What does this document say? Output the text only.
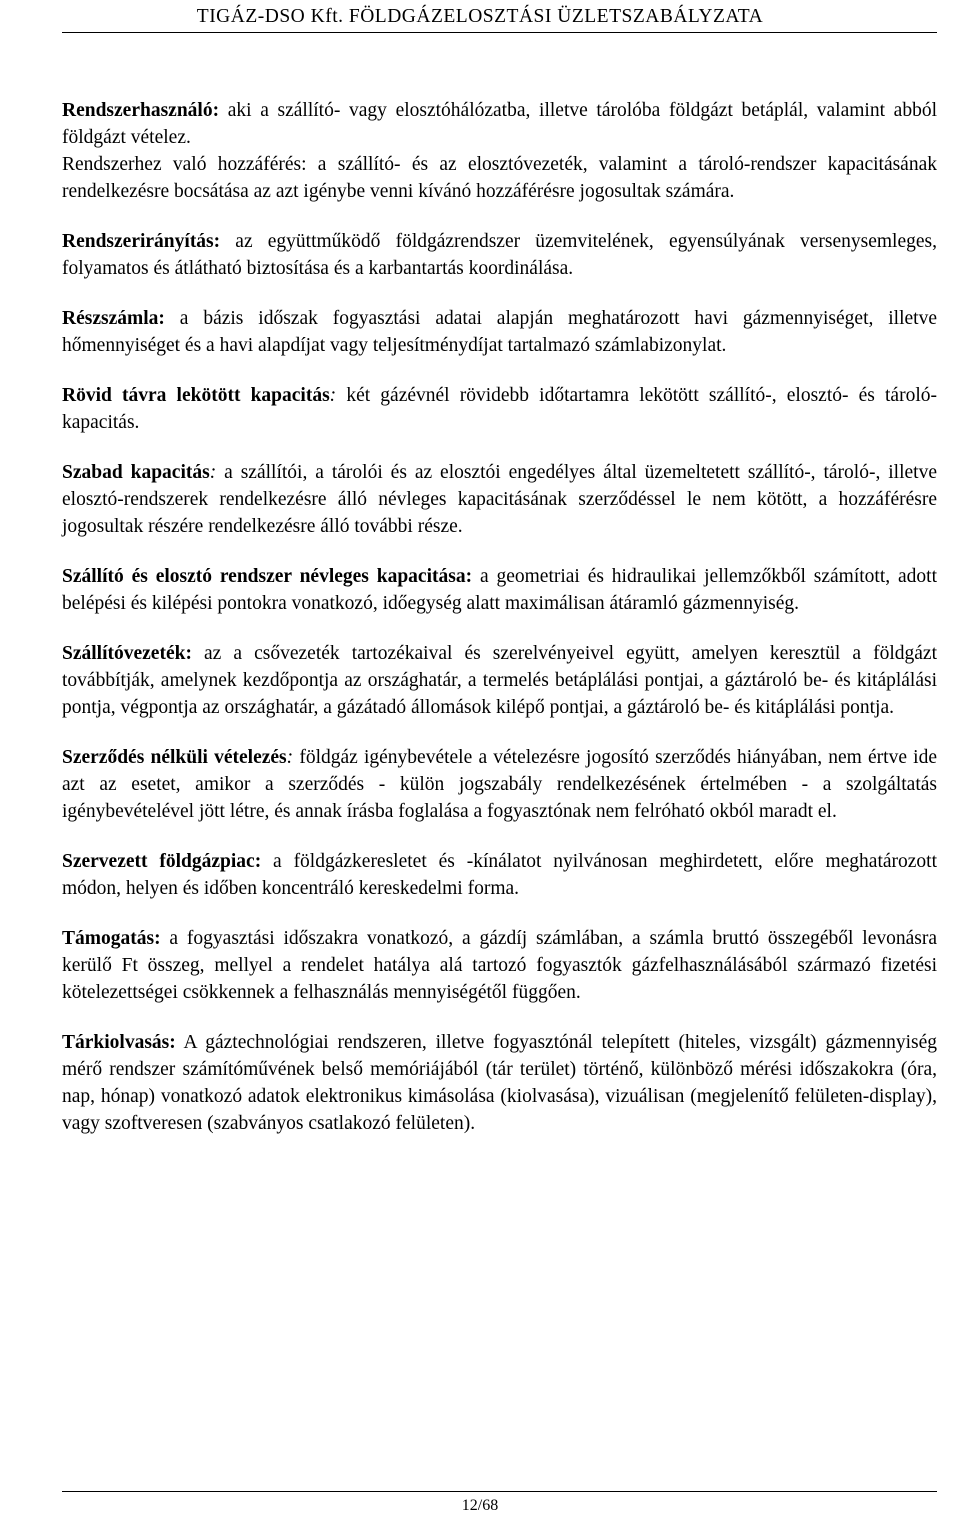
TIGÁZ-DSO Kft. FÖLDGÁZELOSZTÁSI ÜZLETSZABÁLYZATA

Rendszerhasználó: aki a szállító- vagy elosztóhálózatba, illetve tárolóba földgázt betáplál, valamint abból földgázt vételez.

Rendszerhez való hozzáférés: a szállító- és az elosztóvezeték, valamint a tároló-rendszer kapacitásának rendelkezésre bocsátása az azt igénybe venni kívánó hozzáférésre jogosultak számára.

Rendszerirányítás: az együttműködő földgázrendszer üzemvitelének, egyensúlyának versenysemleges, folyamatos és átlátható biztosítása és a karbantartás koordinálása.

Részszámla: a bázis időszak fogyasztási adatai alapján meghatározott havi gázmennyiséget, illetve hőmennyiséget és a havi alapdíjat vagy teljesítménydíjat tartalmazó számlabizonylat.

Rövid távra lekötött kapacitás: két gázévnél rövidebb időtartamra lekötött szállító-, elosztó- és tároló-kapacitás.

Szabad kapacitás: a szállítói, a tárolói és az elosztói engedélyes által üzemeltetett szállító-, tároló-, illetve elosztó-rendszerek rendelkezésre álló névleges kapacitásának szerződéssel le nem kötött, a hozzáférésre jogosultak részére rendelkezésre álló további része.

Szállító és elosztó rendszer névleges kapacitása: a geometriai és hidraulikai jellemzőkből számított, adott belépési és kilépési pontokra vonatkozó, időegység alatt maximálisan átáramló gázmennyiség.

Szállítóvezeték: az a csővezeték tartozékaival és szerelvényeivel együtt, amelyen keresztül a földgázt továbbítják, amelynek kezdőpontja az országhatár, a termelés betáplálási pontjai, a gáztároló be- és kitáplálási pontja, végpontja az országhatár, a gázátadó állomások kilépő pontjai, a gáztároló be- és kitáplálási pontja.

Szerződés nélküli vételezés: földgáz igénybevétele a vételezésre jogosító szerződés hiányában, nem értve ide azt az esetet, amikor a szerződés - külön jogszabály rendelkezésének értelmében - a szolgáltatás igénybevételével jött létre, és annak írásba foglalása a fogyasztónak nem felróható okból maradt el.

Szervezett földgázpiac: a földgázkeresletet és -kínálatot nyilvánosan meghirdetett, előre meghatározott módon, helyen és időben koncentráló kereskedelmi forma.

Támogatás: a fogyasztási időszakra vonatkozó, a gázdíj számlában, a számla bruttó összegéből levonásra kerülő Ft összeg, mellyel a rendelet hatálya alá tartozó fogyasztók gázfelhasználásából származó fizetési kötelezettségei csökkennek a felhasználás mennyiségétől függően.

Tárkiolvasás: A gáztechnológiai rendszeren, illetve fogyasztónál telepített (hiteles, vizsgált) gázmennyiség mérő rendszer számítóművének belső memóriájából (tár terület) történő, különböző mérési időszakokra (óra, nap, hónap) vonatkozó adatok elektronikus kimásolása (kiolvasása), vizuálisan (megjelenítő felületen-display), vagy szoftveresen (szabványos csatlakozó felületen).

12/68
